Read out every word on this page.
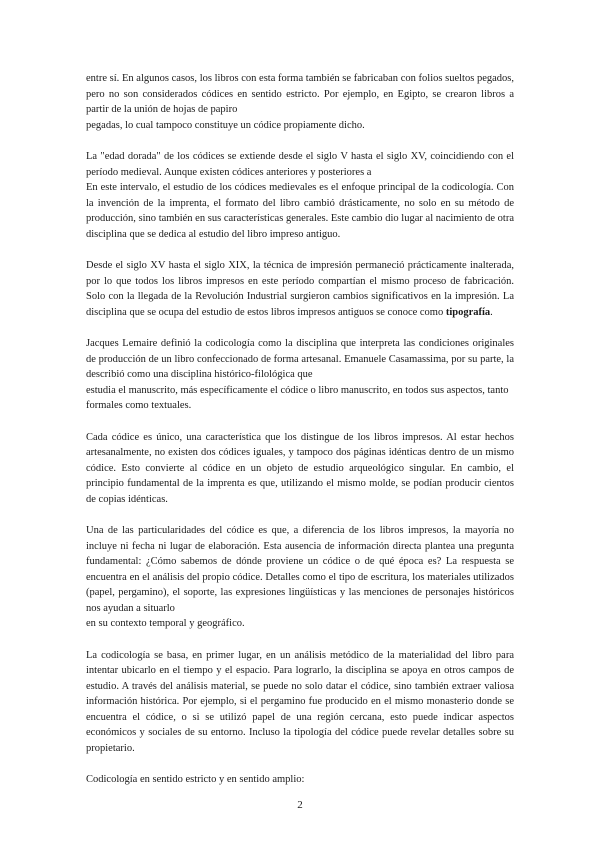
entre sí. En algunos casos, los libros con esta forma también se fabricaban con folios sueltos pegados, pero no son considerados códices en sentido estricto. Por ejemplo, en Egipto, se crearon libros a partir de la unión de hojas de papiro
pegadas, lo cual tampoco constituye un códice propiamente dicho.

La "edad dorada" de los códices se extiende desde el siglo V hasta el siglo XV, coincidiendo con el período medieval. Aunque existen códices anteriores y posteriores a
En este intervalo, el estudio de los códices medievales es el enfoque principal de la codicología. Con la invención de la imprenta, el formato del libro cambió drásticamente, no solo en su método de producción, sino también en sus características generales. Este cambio dio lugar al nacimiento de otra disciplina que se dedica al estudio del libro impreso antiguo.

Desde el siglo XV hasta el siglo XIX, la técnica de impresión permaneció prácticamente inalterada, por lo que todos los libros impresos en este período compartían el mismo proceso de fabricación. Solo con la llegada de la Revolución Industrial surgieron cambios significativos en la impresión. La disciplina que se ocupa del estudio de estos libros impresos antiguos se conoce como tipografía.

Jacques Lemaire definió la codicología como la disciplina que interpreta las condiciones originales de producción de un libro confeccionado de forma artesanal. Emanuele Casamassima, por su parte, la describió como una disciplina histórico-filológica que
estudia el manuscrito, más específicamente el códice o libro manuscrito, en todos sus aspectos, tanto formales como textuales.

Cada códice es único, una característica que los distingue de los libros impresos. Al estar hechos artesanalmente, no existen dos códices iguales, y tampoco dos páginas idénticas dentro de un mismo códice. Esto convierte al códice en un objeto de estudio arqueológico singular. En cambio, el principio fundamental de la imprenta es que, utilizando el mismo molde, se podían producir cientos de copias idénticas.

Una de las particularidades del códice es que, a diferencia de los libros impresos, la mayoría no incluye ni fecha ni lugar de elaboración. Esta ausencia de información directa plantea una pregunta fundamental: ¿Cómo sabemos de dónde proviene un códice o de qué época es? La respuesta se encuentra en el análisis del propio códice. Detalles como el tipo de escritura, los materiales utilizados (papel, pergamino), el soporte, las expresiones lingüísticas y las menciones de personajes históricos nos ayudan a situarlo
en su contexto temporal y geográfico.

La codicología se basa, en primer lugar, en un análisis metódico de la materialidad del libro para intentar ubicarlo en el tiempo y el espacio. Para lograrlo, la disciplina se apoya en otros campos de estudio. A través del análisis material, se puede no solo datar el códice, sino también extraer valiosa información histórica. Por ejemplo, si el pergamino fue producido en el mismo monasterio donde se encuentra el códice, o si se utilizó papel de una región cercana, esto puede indicar aspectos económicos y sociales de su entorno. Incluso la tipología del códice puede revelar detalles sobre su propietario.

Codicología en sentido estricto y en sentido amplio:

2
